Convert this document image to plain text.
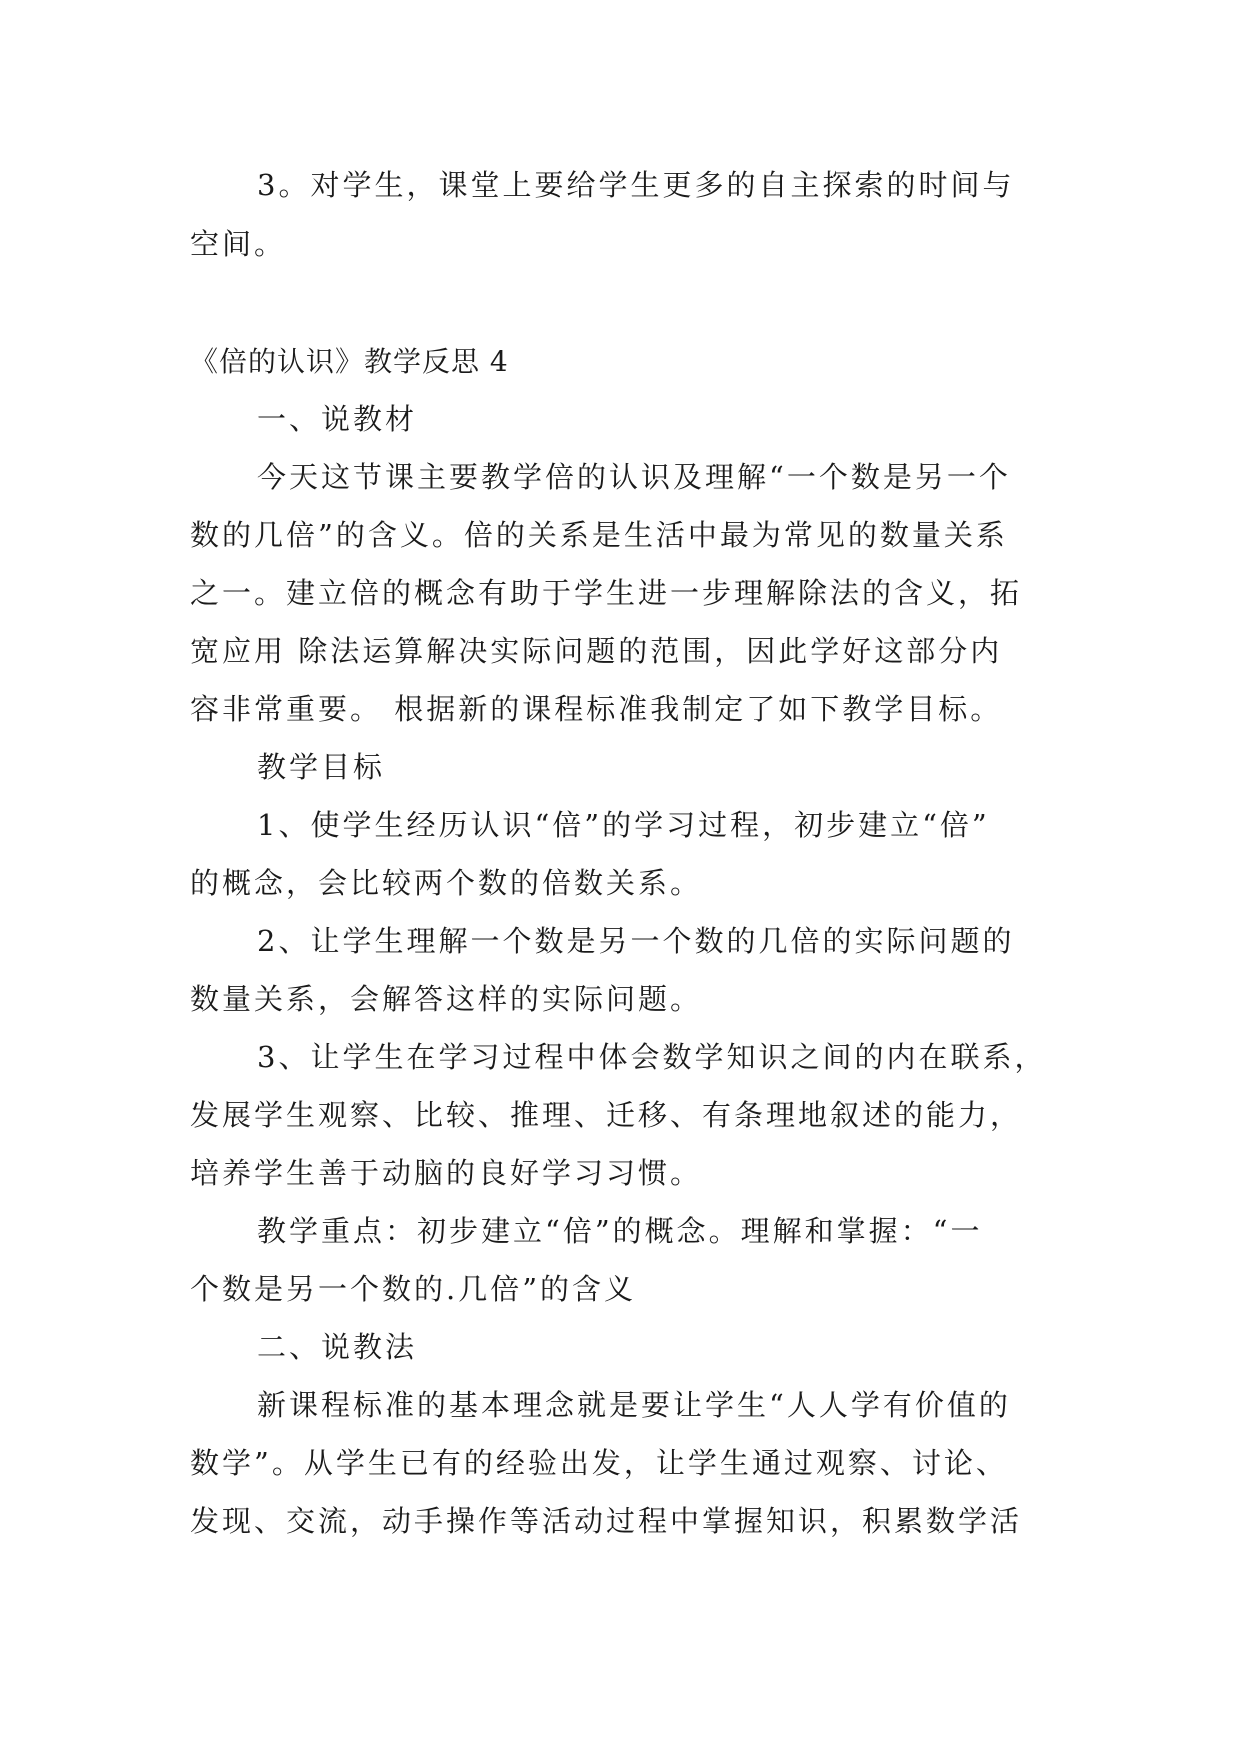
3。对学生，课堂上要给学生更多的自主探索的时间与
空间。
《倍的认识》教学反思 4
一、说教材
今天这节课主要教学倍的认识及理解“一个数是另一个
数的几倍”的含义。倍的关系是生活中最为常见的数量关系
之一。建立倍的概念有助于学生进一步理解除法的含义，拓
宽应用 除法运算解决实际问题的范围，因此学好这部分内
容非常重要。 根据新的课程标准我制定了如下教学目标。
教学目标
1、使学生经历认识“倍”的学习过程，初步建立“倍”
的概念，会比较两个数的倍数关系。
2、让学生理解一个数是另一个数的几倍的实际问题的
数量关系，会解答这样的实际问题。
3、让学生在学习过程中体会数学知识之间的内在联系，
发展学生观察、比较、推理、迁移、有条理地叙述的能力，
培养学生善于动脑的良好学习习惯。
教学重点：初步建立“倍”的概念。理解和掌握：“一
个数是另一个数的.几倍”的含义
二、说教法
新课程标准的基本理念就是要让学生“人人学有价值的
数学”。从学生已有的经验出发，让学生通过观察、讨论、
发现、交流，动手操作等活动过程中掌握知识，积累数学活
